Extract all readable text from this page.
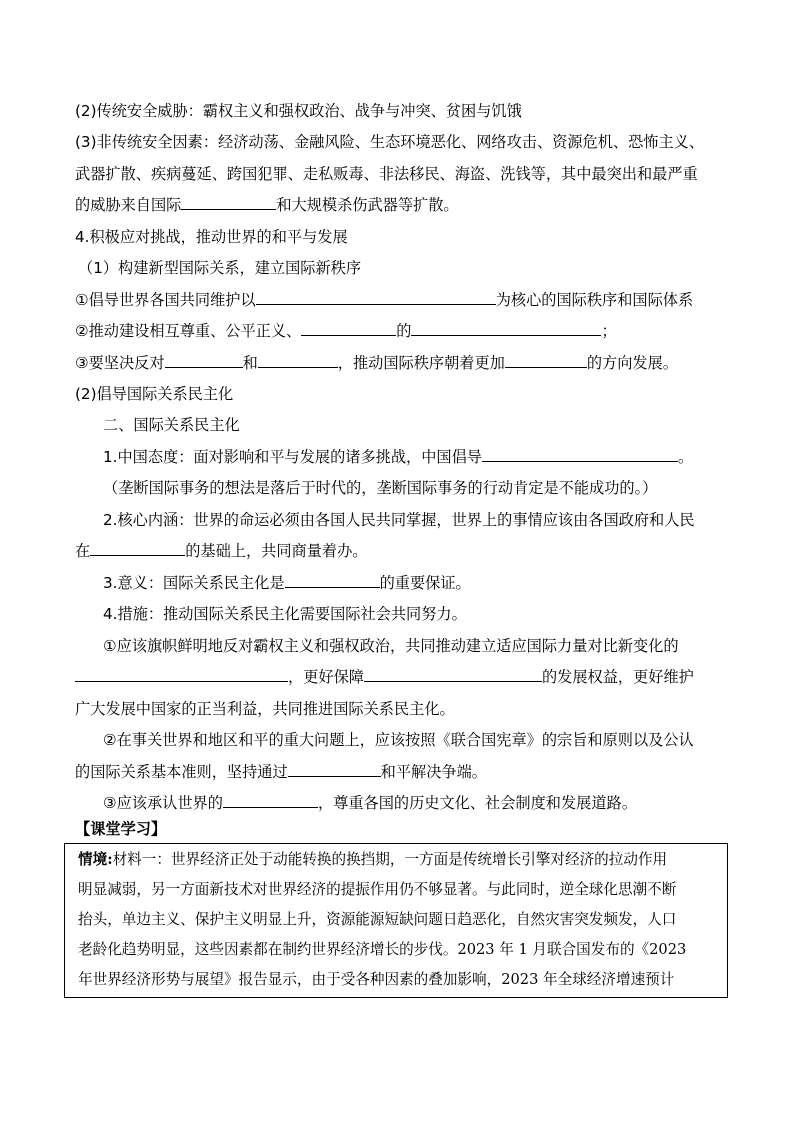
(2)传统安全威胁：霸权主义和强权政治、战争与冲突、贫困与饥饿
(3)非传统安全因素：经济动荡、金融风险、生态环境恶化、网络攻击、资源危机、恐怖主义、
武器扩散、疾病蔓延、跨国犯罪、走私贩毒、非法移民、海盗、洗钱等，其中最突出和最严重
的威胁来自国际	和大规模杀伤武器等扩散。
4.积极应对挑战，推动世界的和平与发展
（1）构建新型国际关系，建立国际新秩序
①倡导世界各国共同维护以	为核心的国际秩序和国际体系
②推动建设相互尊重、公平正义、	的	；
③要坚决反对	和	，推动国际秩序朝着更加	的方向发展。
(2)倡导国际关系民主化
二、国际关系民主化
1.中国态度：面对影响和平与发展的诸多挑战，中国倡导	。
（垄断国际事务的想法是落后于时代的，垄断国际事务的行动肯定是不能成功的。）
2.核心内涵：世界的命运必须由各国人民共同掌握，世界上的事情应该由各国政府和人民
在	的基础上，共同商量着办。
3.意义：国际关系民主化是	的重要保证。
4.措施：推动国际关系民主化需要国际社会共同努力。
①应该旗帜鲜明地反对霸权主义和强权政治，共同推动建立适应国际力量对比新变化的
，更好保障	的发展权益，更好维护
广大发展中国家的正当利益，共同推进国际关系民主化。
②在事关世界和地区和平的重大问题上，应该按照《联合国宪章》的宗旨和原则以及公认
的国际关系基本准则，坚持通过	和平解决争端。
③应该承认世界的	，尊重各国的历史文化、社会制度和发展道路。
【课堂学习】
情境:材料一：世界经济正处于动能转换的换挡期，一方面是传统增长引擎对经济的拉动作用
明显减弱，另一方面新技术对世界经济的提振作用仍不够显著。与此同时，逆全球化思潮不断
抬头，单边主义、保护主义明显上升，资源能源短缺问题日趋恶化，自然灾害突发频发，人口
老龄化趋势明显，这些因素都在制约世界经济增长的步伐。2023 年 1 月联合国发布的《2023
年世界经济形势与展望》报告显示，由于受各种因素的叠加影响，2023 年全球经济增速预计
